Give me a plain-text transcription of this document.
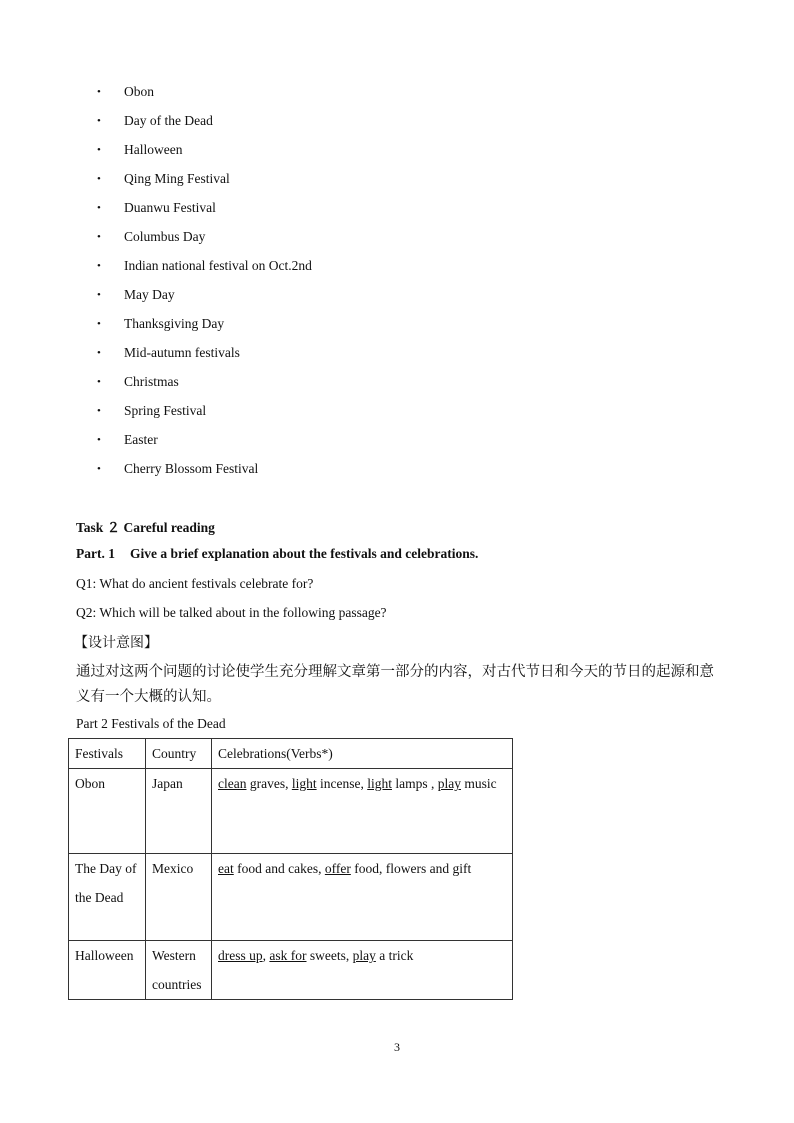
• Obon
• Day of the Dead
• Halloween
• Qing Ming Festival
• Duanwu Festival
• Columbus Day
• Indian national festival on Oct.2nd
• May Day
• Thanksgiving Day
• Mid-autumn festivals
• Christmas
• Spring Festival
• Easter
• Cherry Blossom Festival
Task ２ Careful reading
Part. 1 Give a brief explanation about the festivals and celebrations.
Q1: What do ancient festivals celebrate for?
Q2: Which will be talked about in the following passage?
【设计意图】
通过对这两个问题的讨论使学生充分理解文章第一部分的内容，对古代节日和今天的节日的起源和意义有一个大概的认知。
Part 2 Festivals of the Dead
Festivals	Country	Celebrations(Verbs*)
Obon	Japan	clean graves, light incense, light lamps , play music
The Day of the Dead	Mexico	eat food and cakes, offer food, flowers and gift
Halloween	Western countries	dress up, ask for sweets, play a trick
3
